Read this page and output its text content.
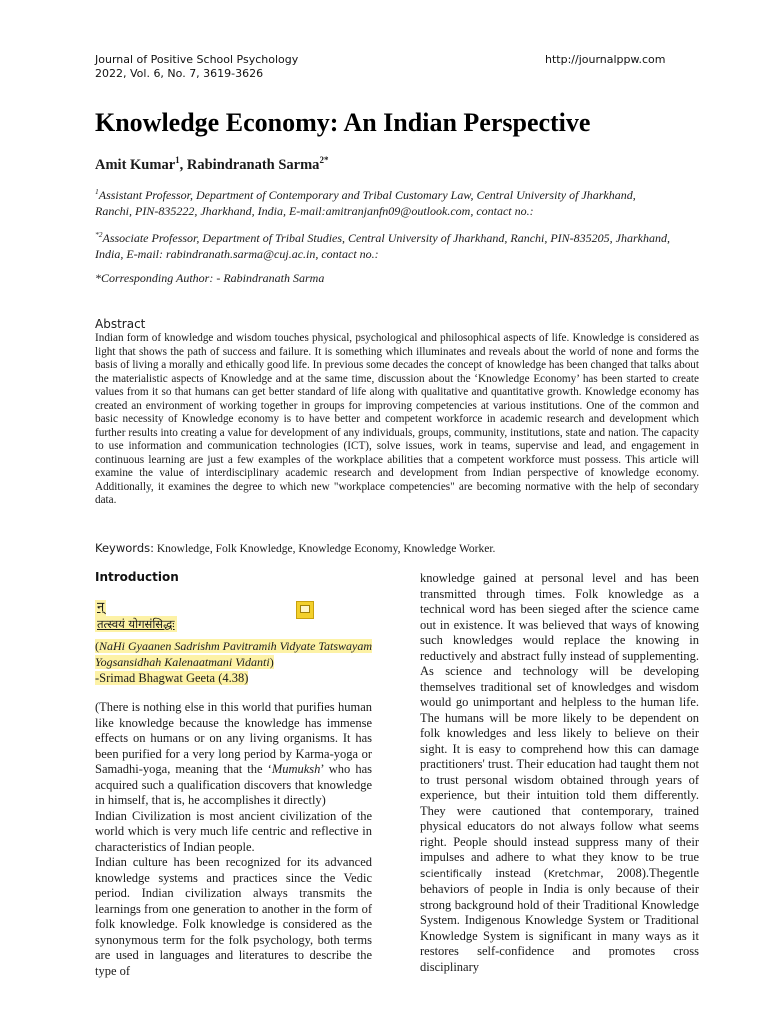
Journal of Positive School Psychology
2022, Vol. 6, No. 7, 3619-3626
http://journalppw.com
Knowledge Economy: An Indian Perspective
Amit Kumar$^1$, Rabindranath Sarma$^{2*}$

$^1$Assistant Professor, Department of Contemporary and Tribal Customary Law, Central University of Jharkhand, Ranchi, PIN-835222, Jharkhand, India, E-mail:amitranjanfn09@outlook.com, contact no.:

$^{*2}$Associate Professor, Department of Tribal Studies, Central University of Jharkhand, Ranchi, PIN-835205, Jharkhand, India, E-mail: rabindranath.sarma@cuj.ac.in, contact no.:

*Corresponding Author: - Rabindranath Sarma

Abstract

Indian form of knowledge and wisdom touches physical, psychological and philosophical aspects of life. Knowledge is considered as light that shows the path of success and failure. It is something which illuminates and reveals about the world of none and forms the basis of living a morally and ethically good life. In previous some decades the concept of knowledge has been changed that talks about the materialistic aspects of Knowledge and at the same time, discussion about the ‘Knowledge Economy’ has been started to create values from it so that humans can get better standard of life along with qualitative and quantitative growth. Knowledge economy has created an environment of working together in groups for improving competencies at various institutions. One of the common and basic necessity of Knowledge economy is to have better and competent workforce in academic research and development which further results into creating a value for development of any individuals, groups, community, institutions, state and nation. The capacity to use information and communication technologies (ICT), solve issues, work in teams, supervise and lead, and engagement in continuous learning are just a few examples of the workplace abilities that a competent workforce must possess. This article will examine the value of interdisciplinary academic research and development from Indian perspective of knowledge economy. Additionally, it examines the degree to which new "workplace competencies" are becoming normative with the help of secondary data.

Keywords: Knowledge, Folk Knowledge, Knowledge Economy, Knowledge Worker.
Introduction
न्
तत्स्वयं योगसंसिद्धः

(NaHi Gyaanen Sadrishm Pavitramih Vidyate Tatswayam Yogsansidhah Kalenaatmani Vidanti)

-Srimad Bhagwat Geeta (4.38)

(There is nothing else in this world that purifies human like knowledge because the knowledge has immense effects on humans or on any living organisms. It has been purified for a very long period by Karma-yoga or Samadhi-yoga, meaning that the ‘Mumuksh’ who has acquired such a qualification discovers that knowledge in himself, that is, he accomplishes it directly)

Indian Civilization is most ancient civilization of the world which is very much life centric and reflective in characteristics of Indian people.

Indian culture has been recognized for its advanced knowledge systems and practices since the Vedic period. Indian civilization always transmits the learnings from one generation to another in the form of folk knowledge. Folk knowledge is considered as the synonymous term for the folk psychology, both terms are used in languages and literatures to describe the type of

knowledge gained at personal level and has been transmitted through times. Folk knowledge as a technical word has been sieged after the science came out in existence. It was believed that ways of knowing such knowledges would replace the knowing in reductively and abstract fully instead of supplementing. As science and technology will be developing themselves traditional set of knowledges and wisdom would go unimportant and helpless to the human life. The humans will be more likely to be dependent on folk knowledges and less likely to believe on their sight. It is easy to comprehend how this can damage practitioners' trust. Their education had taught them not to trust personal wisdom obtained through years of experience, but their intuition told them differently. They were cautioned that contemporary, trained physical educators do not always follow what seems right. People should instead suppress many of their impulses and adhere to what they know to be true scientifically instead (Kretchmar, 2008).Thegentle behaviors of people in India is only because of their strong background hold of their Traditional Knowledge System. Indigenous Knowledge System or Traditional Knowledge System is significant in many ways as it restores self-confidence and promotes cross disciplinary
